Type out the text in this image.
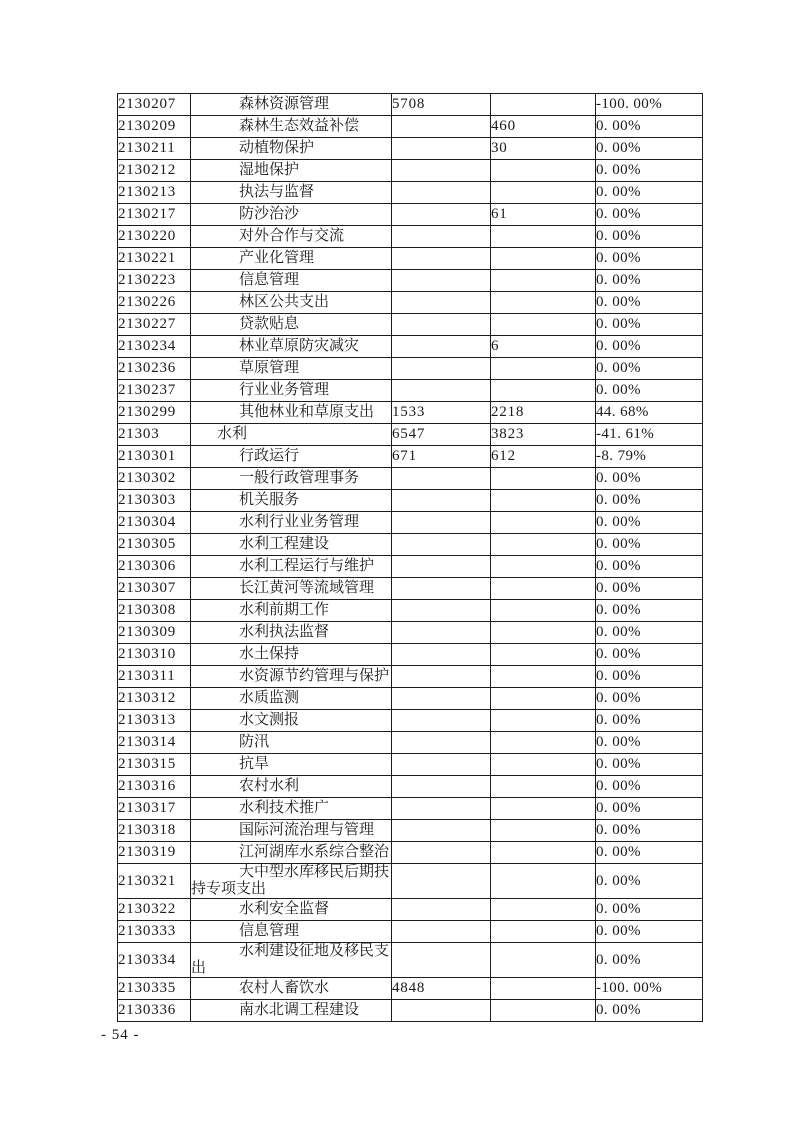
2130207	森林资源管理	5708		-100. 00%
2130209	森林生态效益补偿		460	0. 00%
2130211	动植物保护		30	0. 00%
2130212	湿地保护			0. 00%
2130213	执法与监督			0. 00%
2130217	防沙治沙		61	0. 00%
2130220	对外合作与交流			0. 00%
2130221	产业化管理			0. 00%
2130223	信息管理			0. 00%
2130226	林区公共支出			0. 00%
2130227	贷款贴息			0. 00%
2130234	林业草原防灾减灾		6	0. 00%
2130236	草原管理			0. 00%
2130237	行业业务管理			0. 00%
2130299	其他林业和草原支出	1533	2218	44. 68%
21303	水利	6547	3823	-41. 61%
2130301	行政运行	671	612	-8. 79%
2130302	一般行政管理事务			0. 00%
2130303	机关服务			0. 00%
2130304	水利行业业务管理			0. 00%
2130305	水利工程建设			0. 00%
2130306	水利工程运行与维护			0. 00%
2130307	长江黄河等流域管理			0. 00%
2130308	水利前期工作			0. 00%
2130309	水利执法监督			0. 00%
2130310	水土保持			0. 00%
2130311	水资源节约管理与保护			0. 00%
2130312	水质监测			0. 00%
2130313	水文测报			0. 00%
2130314	防汛			0. 00%
2130315	抗旱			0. 00%
2130316	农村水利			0. 00%
2130317	水利技术推广			0. 00%
2130318	国际河流治理与管理			0. 00%
2130319	江河湖库水系综合整治			0. 00%
2130321	大中型水库移民后期扶持专项支出			0. 00%
2130322	水利安全监督			0. 00%
2130333	信息管理			0. 00%
2130334	水利建设征地及移民支出			0. 00%
2130335	农村人畜饮水	4848		-100. 00%
2130336	南水北调工程建设			0. 00%
- 54 -
